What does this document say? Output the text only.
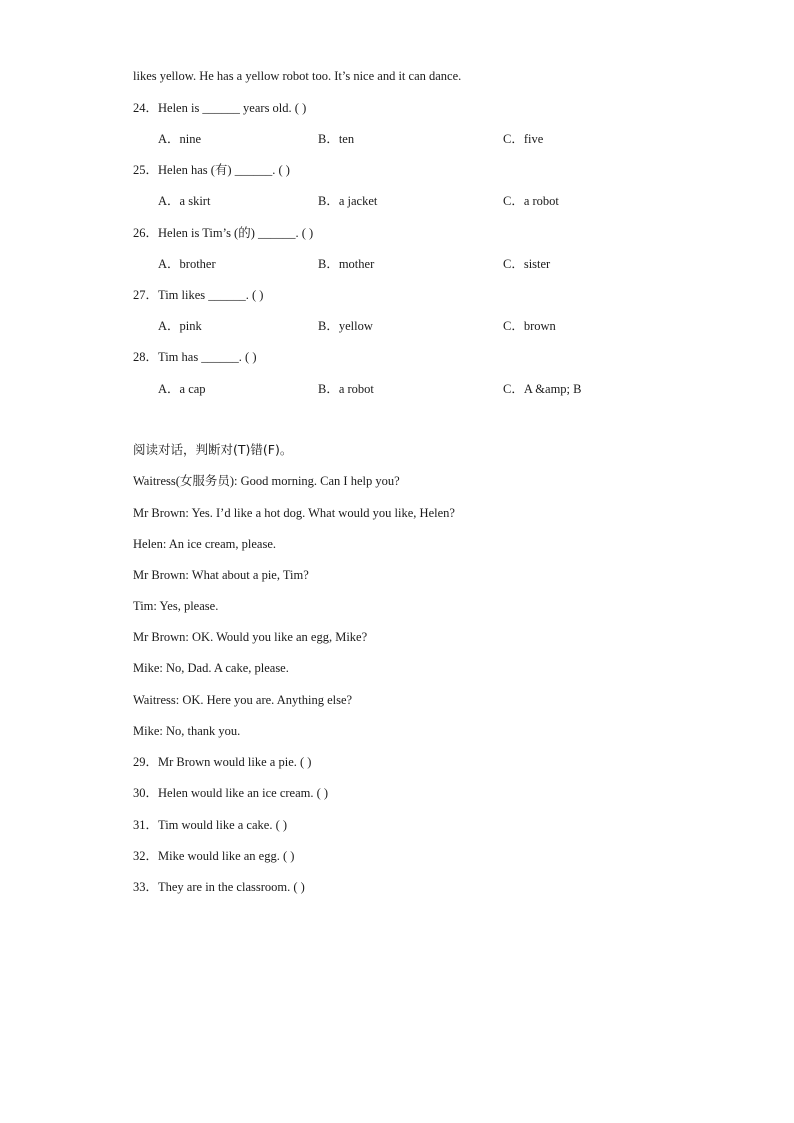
likes yellow. He has a yellow robot too. It’s nice and it can dance.
24．Helen is ______ years old. ( )
A．nine	B．ten	C．five
25．Helen has (有) ______. ( )
A．a skirt	B．a jacket	C．a robot
26．Helen is Tim’s (的) ______. ( )
A．brother	B．mother	C．sister
27．Tim likes ______. ( )
A．pink	B．yellow	C．brown
28．Tim has ______. ( )
A．a cap	B．a robot	C．A &amp; B
阅读对话，判断对(T)错(F)。
Waitress(女服务员): Good morning. Can I help you?
Mr Brown: Yes. I’d like a hot dog. What would you like, Helen?
Helen: An ice cream, please.
Mr Brown: What about a pie, Tim?
Tim: Yes, please.
Mr Brown: OK. Would you like an egg, Mike?
Mike: No, Dad. A cake, please.
Waitress: OK. Here you are. Anything else?
Mike: No, thank you.
29．Mr Brown would like a pie. ( )
30．Helen would like an ice cream. ( )
31．Tim would like a cake. ( )
32．Mike would like an egg. ( )
33．They are in the classroom. ( )
